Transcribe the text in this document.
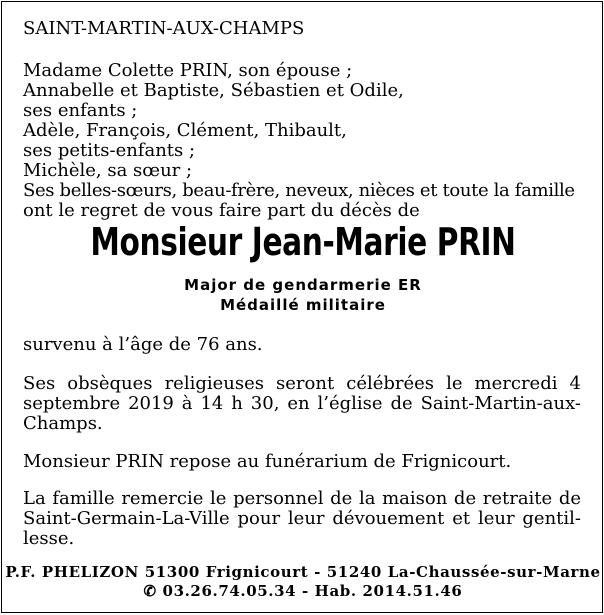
SAINT-MARTIN-AUX-CHAMPS
Madame Colette PRIN, son épouse ;
Annabelle et Baptiste, Sébastien et Odile,
ses enfants ;
Adèle, François, Clément, Thibault,
ses petits-enfants ;
Michèle, sa sœur ;
Ses belles-sœurs, beau-frère, neveux, nièces et toute la famille
ont le regret de vous faire part du décès de
Monsieur Jean-Marie PRIN
Major de gendarmerie ER
Médaillé militaire
survenu à l’âge de 76 ans.
Ses obsèques religieuses seront célébrées le mercredi 4
septembre 2019 à 14 h 30, en l’église de Saint-Martin-aux-
Champs.
Monsieur PRIN repose au funérarium de Frignicourt.
La famille remercie le personnel de la maison de retraite de
Saint-Germain-La-Ville pour leur dévouement et leur gentil-
lesse.
P.F. PHELIZON 51300 Frignicourt - 51240 La-Chaussée-sur-Marne
✆ 03.26.74.05.34 - Hab. 2014.51.46
